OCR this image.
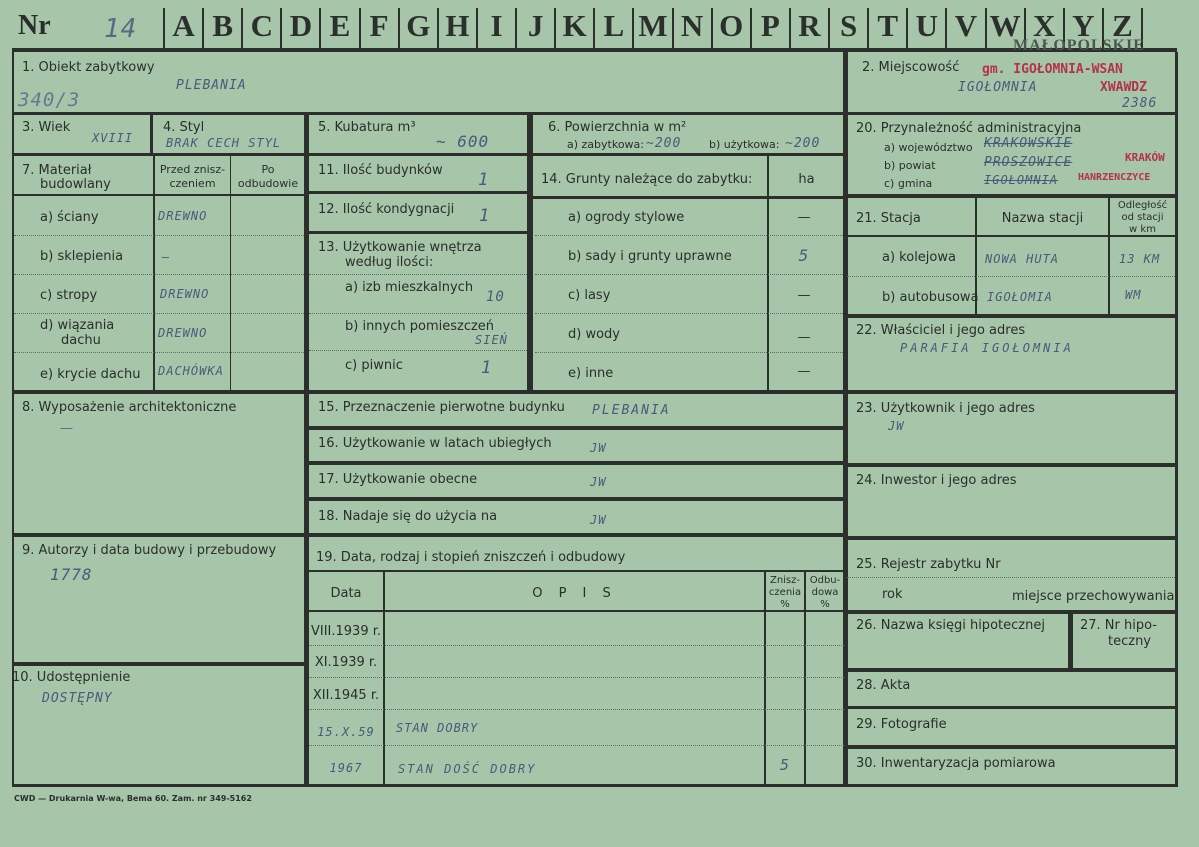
Nr 14 A B C D E F G H I J K L M N O P R S T U V W X Y Z
MAŁOPOLSKIE
1. Obiekt zabytkowy
PLEBANIA
340/3
2. Miejscowość
IGOŁOMNIA
gm. IGOŁOMNIA-WSAN
XWAWDZ
2386
3. Wiek
XVIII
4. Styl
BRAK CECH STYL
5. Kubatura m³
~ 600
6. Powierzchnia w m²
a) zabytkowa: ~200	b) użytkowa: ~200
7. Materiał
budowlany
Przed znisz-
czeniem
Po
odbudowie
a) ściany	DREWNO
b) sklepienia	—
c) stropy	DREWNO
d) wiązania
dachu	DREWNO
e) krycie dachu DACHÓWKA
11. Ilość budynków 1
12. Ilość kondygnacji 1
13. Użytkowanie wnętrza
według ilości:
a) izb mieszkalnych
10
b) innych pomieszczeń
SIEŃ
c) piwnic	1
14. Grunty należące do zabytku:	ha
a) ogrody stylowe	—
b) sady i grunty uprawne	5
c) lasy	—
d) wody	—
e) inne	—
20. Przynależność administracyjna
a) województwo KRAKOWSKIE
b) powiat	PROSZOWICE	KRAKÓW
c) gmina	IGOŁOMNIA HANRZENCZYCE
21. Stacja	Nazwa stacji
Odległość
od stacji
w km
a) kolejowa NOWA HUTA	13 KM
b) autobusowa IGOŁOMIA	WM
22. Właściciel i jego adres
PARAFIA IGOŁOMNIA
8. Wyposażenie architektoniczne
—
15. Przeznaczenie pierwotne budynku PLEBANIA
16. Użytkowanie w latach ubiegłych	JW
17. Użytkowanie obecne	JW
18. Nadaje się do użycia na	JW
23. Użytkownik i jego adres
JW
24. Inwestor i jego adres
9. Autorzy i data budowy i przebudowy
1778
10. Udostępnienie
DOSTĘPNY
19. Data, rodzaj i stopień zniszczeń i odbudowy
Data	O P I S
Znisz-
czenia
%
Odbu-
dowa
%
VIII.1939 r.
XI.1939 r.
XII.1945 r.
15.X.59	STAN DOBRY
1967	STAN DOŚĆ DOBRY	5
25. Rejestr zabytku Nr
rok	miejsce przechowywania
26. Nazwa księgi hipotecznej	27. Nr hipo-
teczny
28. Akta
29. Fotografie
30. Inwentaryzacja pomiarowa
CWD — Drukarnia W-wa, Bema 60. Zam. nr 349-5162
